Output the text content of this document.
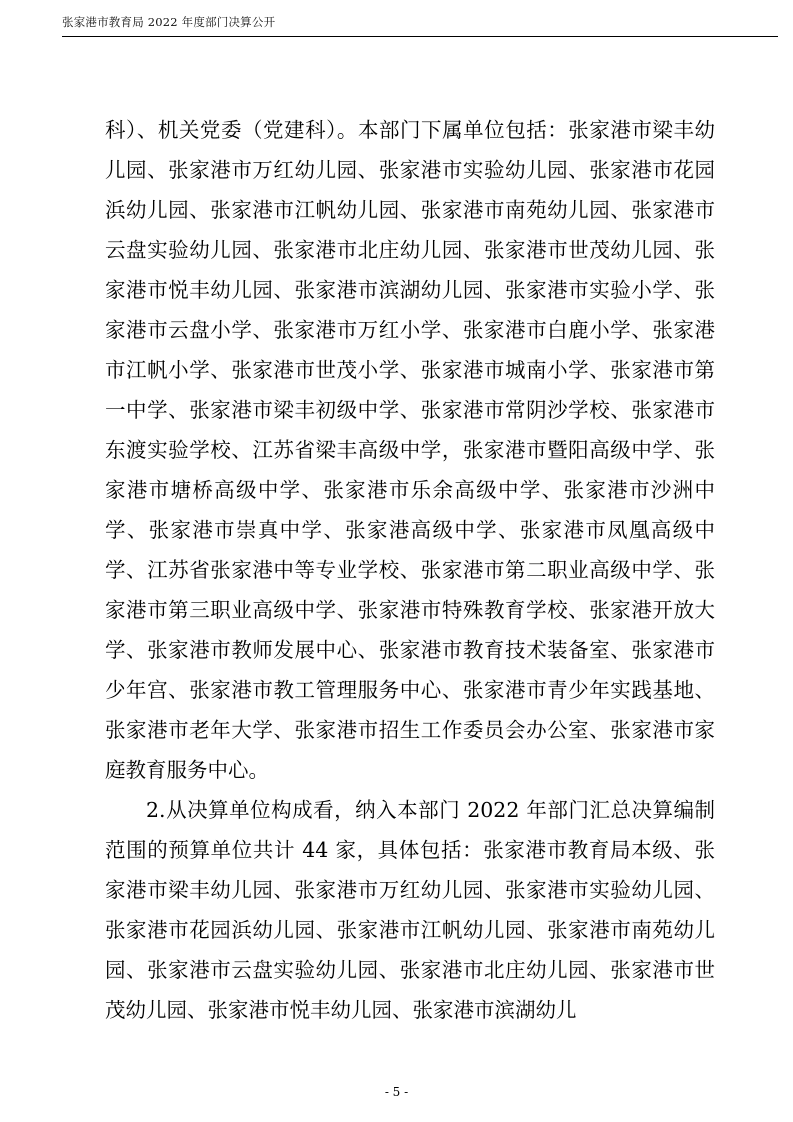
张家港市教育局 2022 年度部门决算公开

科）、机关党委（党建科）。本部门下属单位包括：张家港市梁丰幼儿园、张家港市万红幼儿园、张家港市实验幼儿园、张家港市花园浜幼儿园、张家港市江帆幼儿园、张家港市南苑幼儿园、张家港市云盘实验幼儿园、张家港市北庄幼儿园、张家港市世茂幼儿园、张家港市悦丰幼儿园、张家港市滨湖幼儿园、张家港市实验小学、张家港市云盘小学、张家港市万红小学、张家港市白鹿小学、张家港市江帆小学、张家港市世茂小学、张家港市城南小学、张家港市第一中学、张家港市梁丰初级中学、张家港市常阴沙学校、张家港市东渡实验学校、江苏省梁丰高级中学，张家港市暨阳高级中学、张家港市塘桥高级中学、张家港市乐余高级中学、张家港市沙洲中学、张家港市崇真中学、张家港高级中学、张家港市凤凰高级中学、江苏省张家港中等专业学校、张家港市第二职业高级中学、张家港市第三职业高级中学、张家港市特殊教育学校、张家港开放大学、张家港市教师发展中心、张家港市教育技术装备室、张家港市少年宫、张家港市教工管理服务中心、张家港市青少年实践基地、张家港市老年大学、张家港市招生工作委员会办公室、张家港市家庭教育服务中心。

2.从决算单位构成看，纳入本部门 2022 年部门汇总决算编制范围的预算单位共计 44 家，具体包括：张家港市教育局本级、张家港市梁丰幼儿园、张家港市万红幼儿园、张家港市实验幼儿园、张家港市花园浜幼儿园、张家港市江帆幼儿园、张家港市南苑幼儿园、张家港市云盘实验幼儿园、张家港市北庄幼儿园、张家港市世茂幼儿园、张家港市悦丰幼儿园、张家港市滨湖幼儿

- 5 -
